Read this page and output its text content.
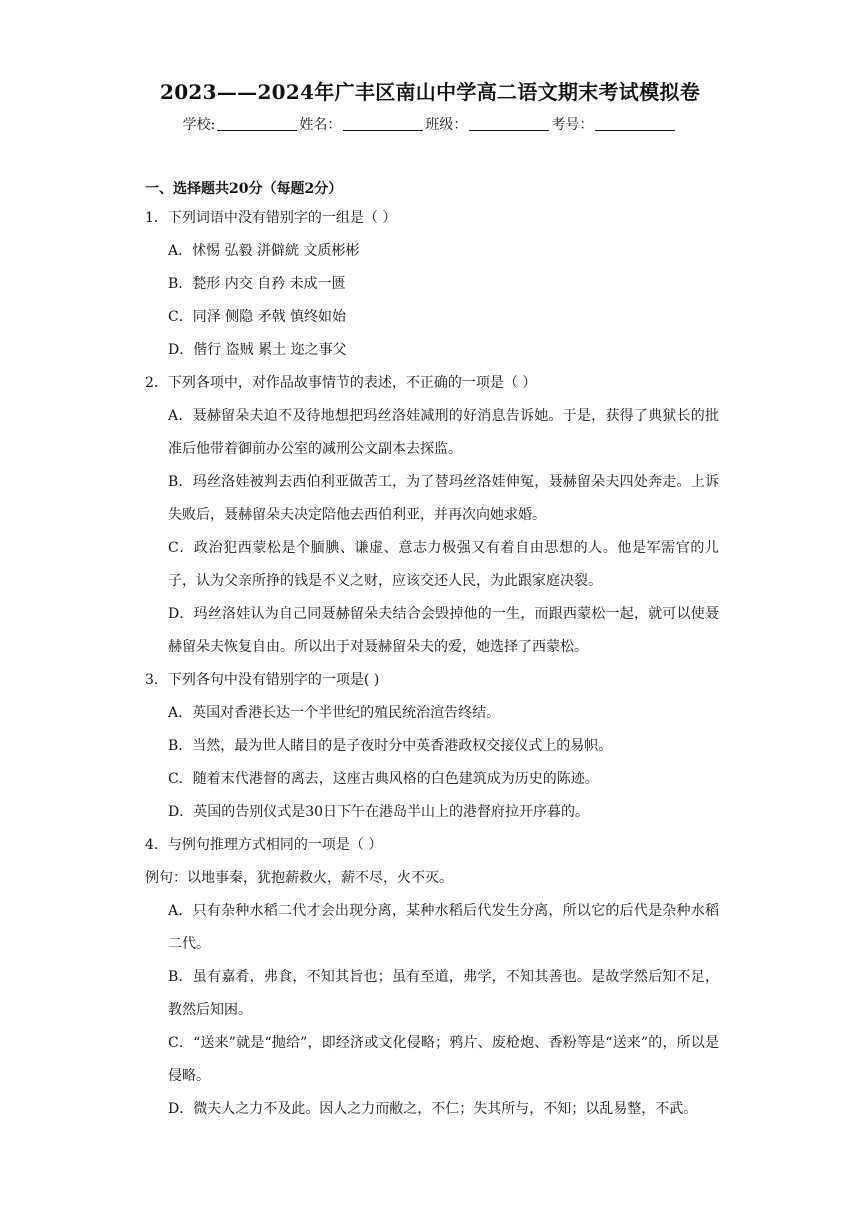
2023——2024年广丰区南山中学高二语文期末考试模拟卷
学校:	姓名：	班级：	考号：
一、选择题共20分（每题2分）
1．下列词语中没有错别字的一组是（ ）
A．怵惕 弘毅 洴僻絖 文质彬彬
B．甃形 内交 自矜 未成一匮
C．同泽 侧隐 矛戟 慎终如始
D．偕行 盗贼 累土 迩之事父
2．下列各项中，对作品故事情节的表述，不正确的一项是（ ）
A．聂赫留朵夫迫不及待地想把玛丝洛娃减刑的好消息告诉她。于是，获得了典狱长的批准后他带着御前办公室的减刑公文副本去探监。
B．玛丝洛娃被判去西伯利亚做苦工，为了替玛丝洛娃伸冤，聂赫留朵夫四处奔走。上诉失败后，聂赫留朵夫决定陪他去西伯利亚，并再次向她求婚。
C．政治犯西蒙松是个腼腆、谦虚、意志力极强又有着自由思想的人。他是军需官的儿子，认为父亲所挣的钱是不义之财，应该交还人民，为此跟家庭决裂。
D．玛丝洛娃认为自己同聂赫留朵夫结合会毁掉他的一生，而跟西蒙松一起，就可以使聂赫留朵夫恢复自由。所以出于对聂赫留朵夫的爱，她选择了西蒙松。
3．下列各句中没有错别字的一项是( )
A．英国对香港长达一个半世纪的殖民统治渲告终结。
B．当然，最为世人睹目的是子夜时分中英香港政权交接仪式上的易帜。
C．随着末代港督的离去，这座古典风格的白色建筑成为历史的陈迹。
D．英国的告别仪式是30日下午在港岛半山上的港督府拉开序暮的。
4．与例句推理方式相同的一项是（ ）
例句：以地事秦，犹抱薪救火，薪不尽，火不灭。
A．只有杂种水稻二代才会出现分离，某种水稻后代发生分离，所以它的后代是杂种水稻二代。
B．虽有嘉肴，弗食，不知其旨也；虽有至道，弗学，不知其善也。是故学然后知不足，教然后知困。
C．“送来”就是“抛给”，即经济或文化侵略；鸦片、废枪炮、香粉等是“送来”的，所以是侵略。
D．微夫人之力不及此。因人之力而敝之，不仁；失其所与，不知；以乱易整，不武。
